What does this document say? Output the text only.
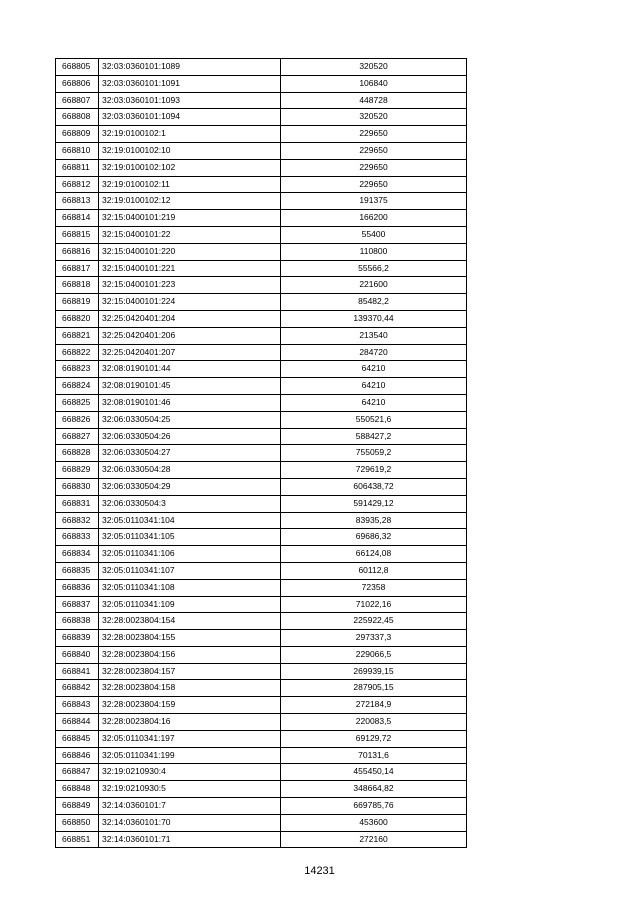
668805	32:03:0360101:1089	320520
668806	32:03:0360101:1091	106840
668807	32:03:0360101:1093	448728
668808	32:03:0360101:1094	320520
668809	32:19:0100102:1	229650
668810	32:19:0100102:10	229650
668811	32:19:0100102:102	229650
668812	32:19:0100102:11	229650
668813	32:19:0100102:12	191375
668814	32:15:0400101:219	166200
668815	32:15:0400101:22	55400
668816	32:15:0400101:220	110800
668817	32:15:0400101:221	55566,2
668818	32:15:0400101:223	221600
668819	32:15:0400101:224	85482,2
668820	32:25:0420401:204	139370,44
668821	32:25:0420401:206	213540
668822	32:25:0420401:207	284720
668823	32:08:0190101:44	64210
668824	32:08:0190101:45	64210
668825	32:08:0190101:46	64210
668826	32:06:0330504:25	550521,6
668827	32:06:0330504:26	588427,2
668828	32:06:0330504:27	755059,2
668829	32:06:0330504:28	729619,2
668830	32:06:0330504:29	606438,72
668831	32:06:0330504:3	591429,12
668832	32:05:0110341:104	83935,28
668833	32:05:0110341:105	69686,32
668834	32:05:0110341:106	66124,08
668835	32:05:0110341:107	60112,8
668836	32:05:0110341:108	72358
668837	32:05:0110341:109	71022,16
668838	32:28:0023804:154	225922,45
668839	32:28:0023804:155	297337,3
668840	32:28:0023804:156	229066,5
668841	32:28:0023804:157	269939,15
668842	32:28:0023804:158	287905,15
668843	32:28:0023804:159	272184,9
668844	32:28:0023804:16	220083,5
668845	32:05:0110341:197	69129,72
668846	32:05:0110341:199	70131,6
668847	32:19:0210930:4	455450,14
668848	32:19:0210930:5	348664,82
668849	32:14:0360101:7	669785,76
668850	32:14:0360101:70	453600
668851	32:14:0360101:71	272160
14231
